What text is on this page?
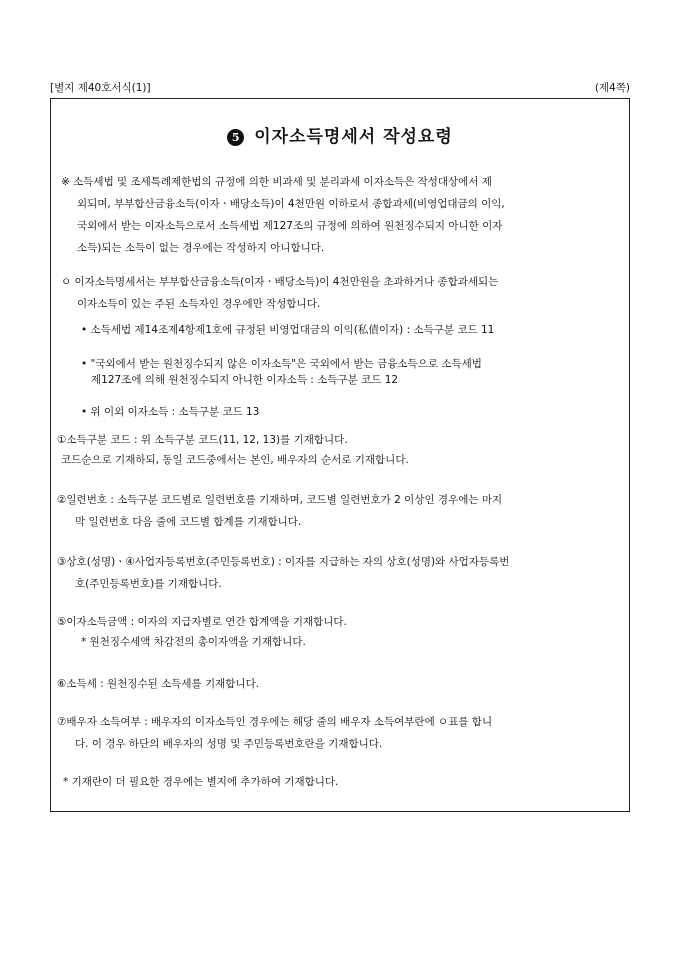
[별지 제40호서식(1)]	(제4쪽)
5 이자소득명세서 작성요령
※ 소득세법 및 조세특례제한법의 규정에 의한 비과세 및 분리과세 이자소득은 작성대상에서 제
외되며, 부부합산금융소득(이자ㆍ배당소득)이 4천만원 이하로서 종합과세(비영업대금의 이익,
국외에서 받는 이자소득으로서 소득세법 제127조의 규정에 의하여 원천징수되지 아니한 이자
소득)되는 소득이 없는 경우에는 작성하지 아니합니다.
ㅇ 이자소득명세서는 부부합산금융소득(이자ㆍ배당소득)이 4천만원을 초과하거나 종합과세되는
이자소득이 있는 주된 소득자인 경우에만 작성합니다.
• 소득세법 제14조제4항제1호에 규정된 비영업대금의 이익(私債이자) : 소득구분 코드 11
• "국외에서 받는 원천징수되지 않은 이자소득"은 국외에서 받는 금융소득으로 소득세법
제127조에 의해 원천징수되지 아니한 이자소득 : 소득구분 코드 12
• 위 이외 이자소득 : 소득구분 코드 13
①소득구분 코드 : 위 소득구분 코드(11, 12, 13)를 기재합니다.
코드순으로 기재하되, 동일 코드중에서는 본인, 배우자의 순서로 기재합니다.
②일련번호 : 소득구분 코드별로 일련번호를 기재하며, 코드별 일련번호가 2 이상인 경우에는 마지
막 일련번호 다음 줄에 코드별 합계를 기재합니다.
③상호(성명)ㆍ④사업자등록번호(주민등록번호) : 이자를 지급하는 자의 상호(성명)와 사업자등록번
호(주민등록번호)를 기재합니다.
⑤이자소득금액 : 이자의 지급자별로 연간 합계액을 기재합니다.
* 원천징수세액 차감전의 총이자액을 기재합니다.
⑥소득세 : 원천징수된 소득세를 기재합니다.
⑦배우자 소득여부 : 배우자의 이자소득인 경우에는 해당 줄의 배우자 소득여부란에 ㅇ표를 합니
다. 이 경우 하단의 배우자의 성명 및 주민등록번호란을 기재합니다.
* 기재란이 더 필요한 경우에는 별지에 추가하여 기재합니다.
